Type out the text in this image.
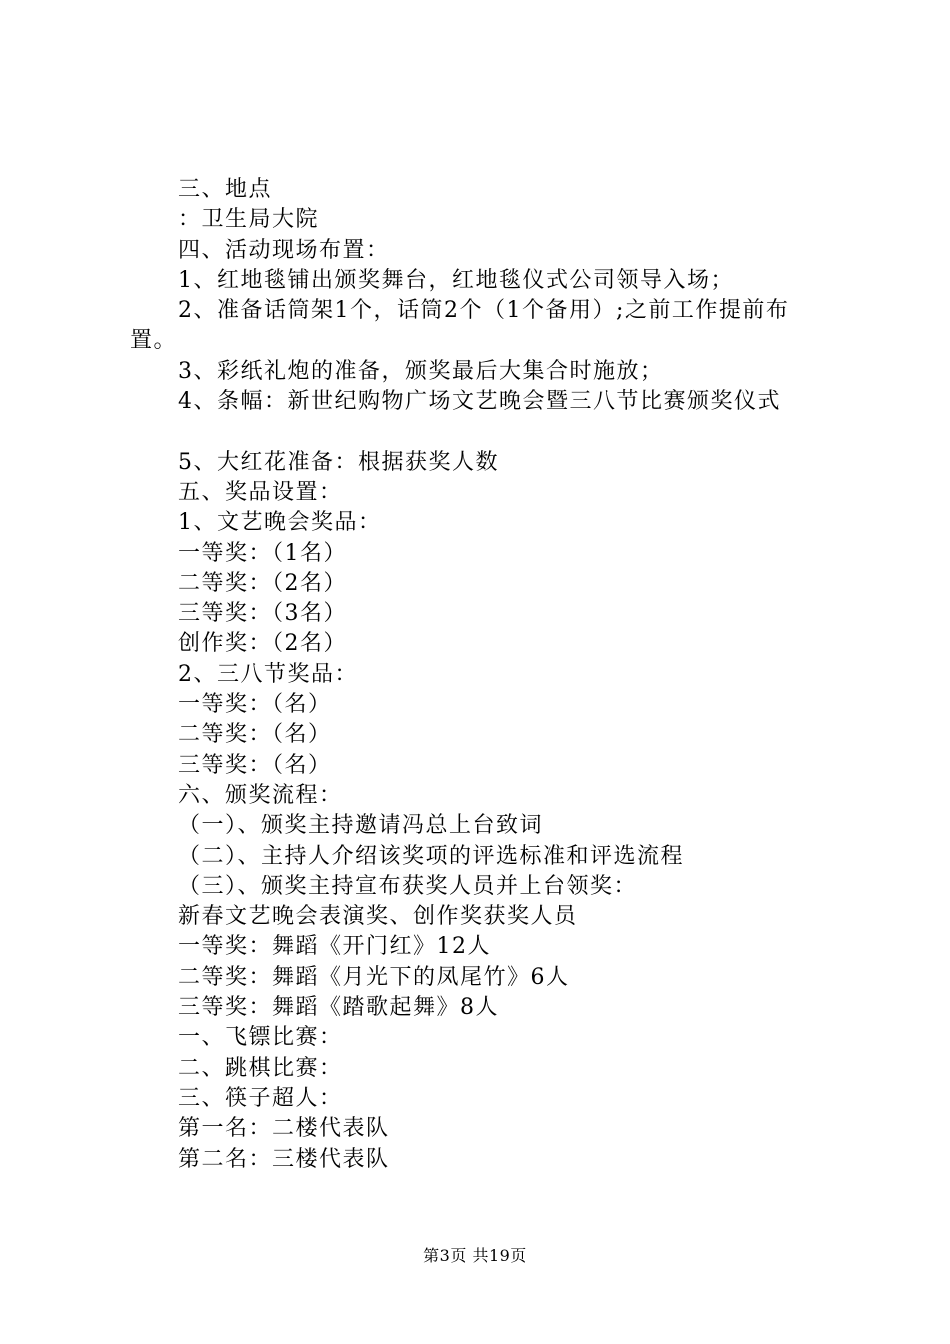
三、地点
：卫生局大院
四、活动现场布置：
1、红地毯铺出颁奖舞台，红地毯仪式公司领导入场；
2、准备话筒架1个，话筒2个（1个备用）;之前工作提前布置。
3、彩纸礼炮的准备，颁奖最后大集合时施放；
4、条幅：新世纪购物广场文艺晚会暨三八节比赛颁奖仪式
5、大红花准备：根据获奖人数
五、奖品设置：
1、文艺晚会奖品：
一等奖：（1名）
二等奖：（2名）
三等奖：（3名）
创作奖：（2名）
2、三八节奖品：
一等奖：（名）
二等奖：（名）
三等奖：（名）
六、颁奖流程：
（一）、颁奖主持邀请冯总上台致词
（二）、主持人介绍该奖项的评选标准和评选流程
（三）、颁奖主持宣布获奖人员并上台领奖：
新春文艺晚会表演奖、创作奖获奖人员
一等奖：舞蹈《开门红》12人
二等奖：舞蹈《月光下的凤尾竹》6人
三等奖：舞蹈《踏歌起舞》8人
一、飞镖比赛：
二、跳棋比赛：
三、筷子超人：
第一名：二楼代表队
第二名：三楼代表队
第3页 共19页
